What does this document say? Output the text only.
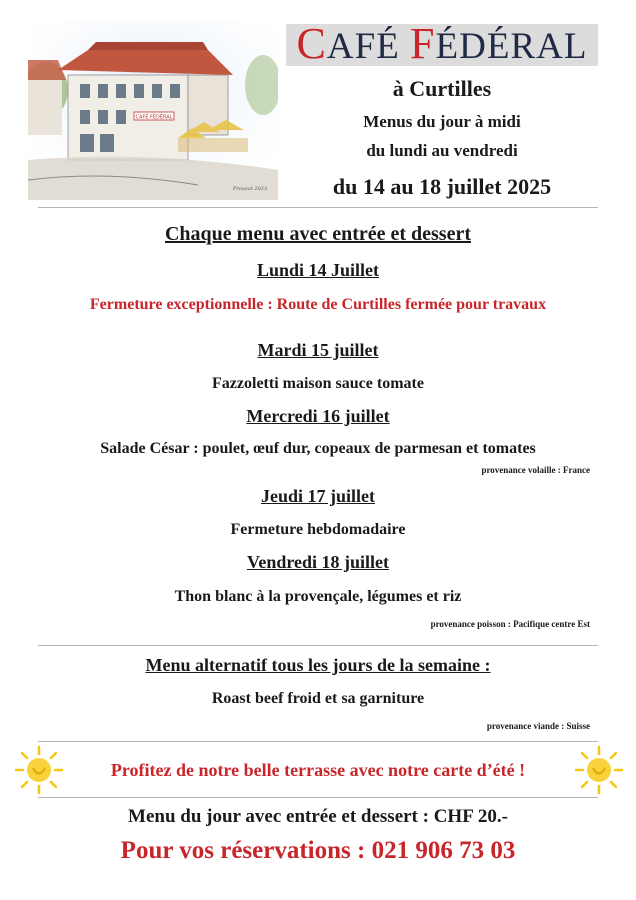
CAFÉ FÉDÉRAL
Prouvot 2023
CAFÉ FÉDÉRAL
à Curtilles
Menus du jour à midi
du lundi au vendredi
du 14 au 18 juillet 2025
Chaque menu avec entrée et dessert
Lundi 14 Juillet
Fermeture exceptionnelle : Route de Curtilles fermée pour travaux
Mardi 15 juillet
Fazzoletti maison sauce tomate
Mercredi 16 juillet
Salade César : poulet, œuf dur, copeaux de parmesan et tomates
provenance volaille : France
Jeudi 17 juillet
Fermeture hebdomadaire
Vendredi 18 juillet
Thon blanc à la provençale, légumes et riz
provenance poisson : Pacifique centre Est
Menu alternatif tous les jours de la semaine :
Roast beef froid et sa garniture
provenance viande : Suisse
Profitez de notre belle terrasse avec notre carte d’été !
Menu du jour avec entrée et dessert : CHF 20.-
Pour vos réservations : 021 906 73 03
